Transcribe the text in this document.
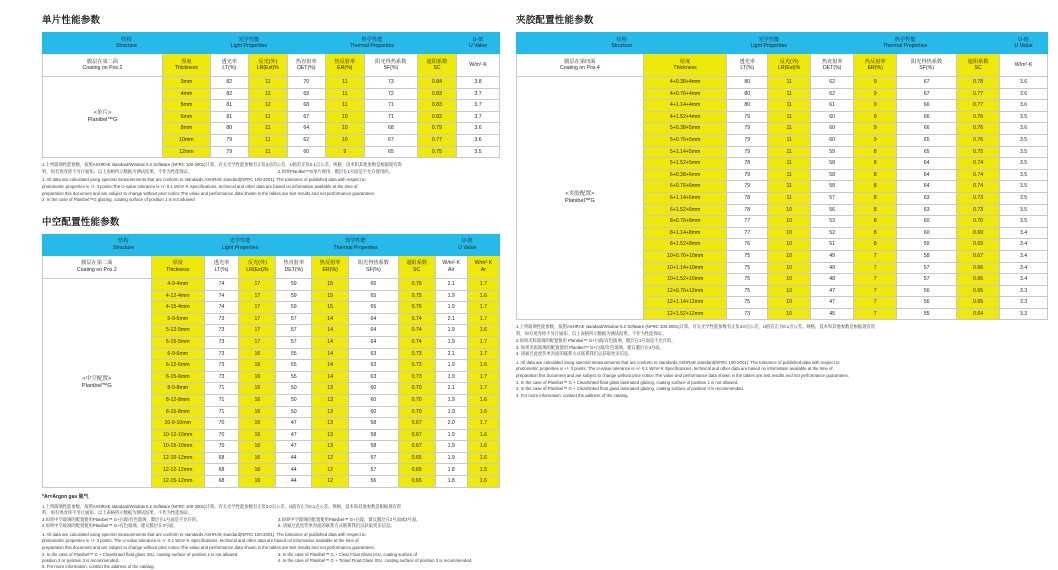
单片性能参数
结构
Structure		光学性能
Light Properties		热学性能
Thermal Properties				U-值
U Value

膜层在第二面
Coating on Pos.2	厚度
Thickness	透光率
LT(%)	反光(外)
LR(Ext)%	热直射率
DET(%)	热反射率
ER(%)	阳光得热系数
SF(%)	遮阳系数
SC	W/m²·K

<单片>
Planibel™G	3mm	82	11	70	11	73	0.84	3.8
	4mm	82	12	69	11	72	0.83	3.7
	5mm	81	12	68	11	71	0.83	3.7
	6mm	81	11	67	10	71	0.82	3.7
	8mm	80	11	64	10	68	0.79	3.6
	10mm	79	11	62	10	67	0.77	3.6
	12mm	79	11	60	9	65	0.75	3.5

1.上列玻璃性能参数，按照ASHRAE standard/Window 5.2 Software (NFRC 100-2001)计算。有关光学性能参数有正负3点的公差，U值有正负0.1点公差。规格，技术和其他参数是根据现有资

料，如有更改将不另行通知。以上表格所示数据为测试结果，不作为性能保证。	2.如果Planibel™G单片使用，膜层在1号面是不允许使用的。

1. All data are calculated using spectral measurements that are conform to standards ASHRAE standard(NFRC 100-2001). The tolerance of published data with respect to

photometric properties is +/- 3 points.The U-value tolerance is +/- 0.1 W/m²·K Specifications, technical and other data are based on information available at the time of

preparation this document and are subject to change without prior notice.The value and performance data shown in the tables are test results and not performance guarantees.

2. In the case of Planibel™G glazing, coating surface of position 1 is not allowed

中空配置性能参数
结构
Structure		光学性能
Light Properties		热学性能
Thermal Properties				U-值
U Value	

膜层在第二面
Coating on Pos.2	厚度
Thickness	透光率
LT(%)	反光(外)
LR(Ext)%	热直射率
DET(%)	热反射率
ER(%)	阳光得热系数
SF(%)	遮阳系数
SC	W/m²·K
Air	W/m²·K
Ar

<中空配置>
Planibel™G	4-9-4mm	74	17	59	15	65	0.75	2.1	1.7
	4-12-4mm	74	17	59	15	65	0.75	1.9	1.6
	4-15-4mm	74	17	59	15	65	0.75	1.9	1.7
	5-9-5mm	73	17	57	14	64	0.74	2.1	1.7
	5-12-5mm	73	17	57	14	64	0.74	1.9	1.6
	5-15-5mm	73	17	57	14	64	0.74	1.9	1.7
	6-9-6mm	73	16	55	14	63	0.73	2.1	1.7
	6-12-6mm	73	16	55	14	63	0.73	1.9	1.6
	6-15-6mm	73	16	55	14	63	0.73	1.9	1.7
	8-9-8mm	71	16	50	13	60	0.70	2.1	1.7
	8-12-8mm	71	16	50	13	60	0.70	1.9	1.6
	8-15-8mm	71	16	50	13	60	0.70	1.9	1.6
	10-9-10mm	70	16	47	13	58	0.67	2.0	1.7
	10-12-10mm	70	16	47	13	58	0.67	1.9	1.6
	10-15-10mm	70	16	47	13	58	0.67	1.9	1.6
	12-10-12mm	68	16	44	12	57	0.65	1.9	1.6
	12-12-12mm	68	16	44	12	57	0.65	1.8	1.5
	12-15-12mm	68	16	44	12	56	0.65	1.8	1.6
*Ar=Argon gas 氩气

1.上列玻璃性能参数，按照ASHRAE standard/Window 5.2 Software (NFRC 100-2001)计算。有关光学性能参数有正负3.0点公差，U值有正为0.1点公差。规格，技术和其他参数是根据现有资

料，如有更改将不另行通知。以上表格所示数据为测试结果，不作为性能保证。

2.如果中空玻璃的配置使用Planibel™ G+白玻/有色玻璃，膜层在1号面是不允许的。	3.如果中空玻璃的配置使用Planibel™ G+白玻，建议膜层在2号面或3号面。
4.如果中空玻璃的配置使用Planibel™ G+有色玻璃，建议膜层在3号面。	5. 请通过此度传单封面的联系方式联系我们以获取更多信息。

1. All data are calculated using spectral measurements that are conform to standards ASHRAE standard(NFRC 100-2001). The tolerance of published data with respect to

photometric properties is +/- 3 points. The U-value tolerance is +/- 0.1 W/m²·K Specifications, technical and other data are based on information available at the time of

preparation this document and are subject to change without prior notice.The value and performance data shown in the tables are test results and not performance guarantees.

2. In the case of Planibel™ G + Clear/tinted float glass IGU, coating surface of position 1 is not allowed.	3. In the case of Planibel™ G + Clear Float Glass IGU, coating surface of
position 2 or position 3 is recommended.	4. In the case of Planibel™ G + Tinted Float Glass IGU, coating surface of position 3 is recommended.

5. For more information, contact the address of the catalog.

夹胶配置性能参数
结构
Structure		光学性能
Light Properties		热学性能
Thermal Properties				U-值
U Value

膜层在第四面
Coating on Pos.4	厚度
Thickness	透光率
LT(%)	反光(外)
LR(Ext)%	热直射率
DET(%)	热反射率
ER(%)	阳光得热系数
SF(%)	遮阳系数
SC	W/m²·K

<夹胶配置>
Planibel™G	4+0.38+4mm	80	11	62	9	67	0.78	3.6
	4+0.76+4mm	80	11	62	9	67	0.77	3.6
	4+1.14+4mm	80	11	61	9	66	0.77	3.6
	4+1.52+4mm	79	11	60	9	66	0.76	3.5
	5+0.38+5mm	79	11	60	9	66	0.76	3.6
	5+0.76+5mm	79	11	60	9	65	0.76	3.5
	5+1.14+5mm	79	11	59	8	65	0.75	3.5
	5+1.52+5mm	78	11	58	8	64	0.74	3.5
	6+0.38+6mm	79	11	58	8	64	0.74	3.5
	6+0.76+6mm	79	11	58	8	64	0.74	3.5
	6+1.14+6mm	78	11	57	8	63	0.73	3.5
	6+1.52+6mm	78	10	56	8	63	0.73	3.5
	8+0.76+8mm	77	10	53	8	60	0.70	3.5
	8+1.14+8mm	77	10	52	8	60	0.69	3.4
	8+1.52+8mm	76	10	51	8	59	0.69	3.4
	10+0.76+10mm	75	10	49	7	58	0.67	3.4
	10+1.14+10mm	75	10	49	7	57	0.66	3.4
	10+1.52+10mm	75	10	48	7	57	0.66	3.4
	12+0.76+12mm	75	10	47	7	56	0.65	3.3
	12+1.14+12mm	75	10	47	7	56	0.65	3.3
	12+1.52+12mm	73	10	45	7	55	0.64	3.3

1.上列玻璃性能参数，按照ASHRAE standard/Window 5.2 Software (NFRC 100-2001)计算。有关光学性能参数有正负3.0点公差，U值有正为0.1点公差。规格，技术和其他参数是根据现有资

料，如有更改将不另行通知。以上表格所示数据为测试结果，不作为性能保证。

2.如果夹胶玻璃的配置使用 Planibel™ G+白玻/有色玻璃，膜层在1号面是不允许的。

3. 如果夹胶玻璃的配置使用 Planibel™ G+白玻/有色玻璃，建议膜层在4号面。

4. 请通过此度传单封面的联系方式联系我们以获取更多信息。

1. All data are calculated using spectral measurements that are conform to standards ASHRAE standard(NFRC 100-2001). The tolerance of published data with respect to

photometric properties is +/- 3 points. The U-value tolerance is +/- 0.1 W/m²·K Specifications, technical and other data are based on information available at the time of

preparation this document and are subject to change without prior notice.The value and performance data shown in the tables are test results and not performance guarantees.

2. In the case of Planibel™ G + Clear/tinted float glass laminated glazing, coating surface of position 1 is not allowed.

3. In the case of Planibel™ G + Clear/tinted float glass laminated glazing, coating surface of position 4 is recommended.

4. For more information, contact the address of the catalog.
